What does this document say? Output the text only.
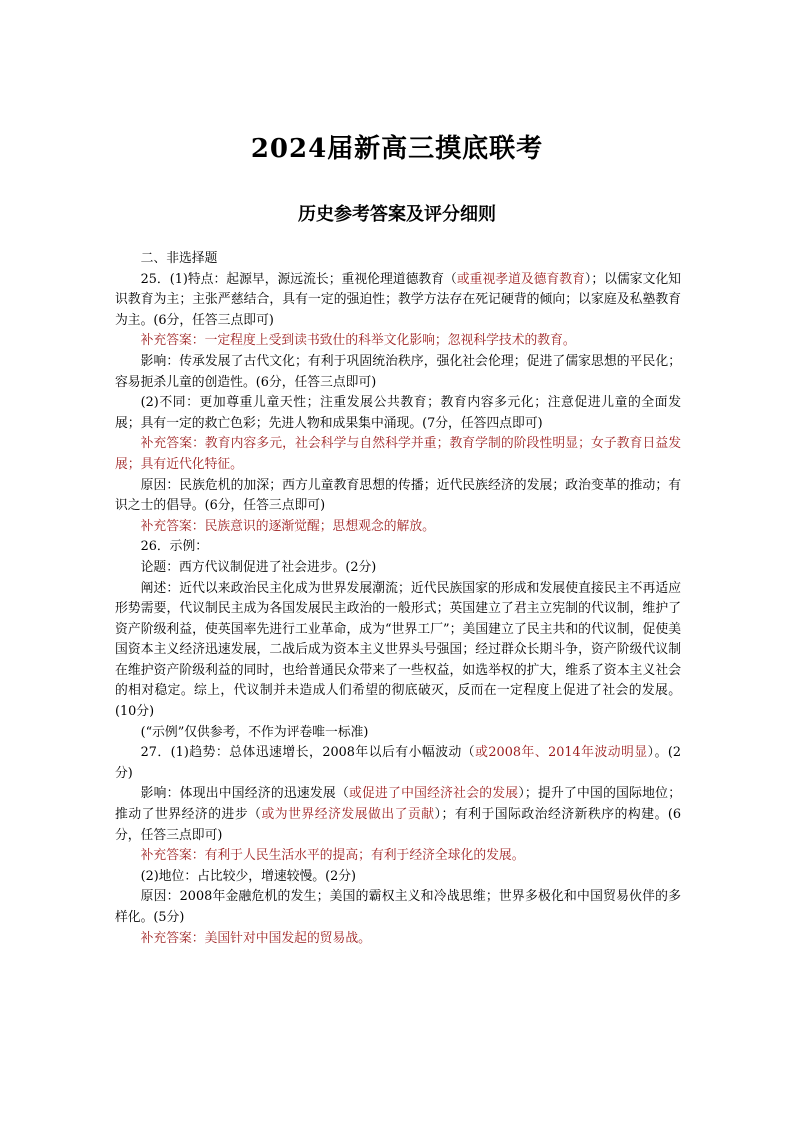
2024届新高三摸底联考
历史参考答案及评分细则

二、非选择题

25．(1)特点：起源早，源远流长；重视伦理道德教育（或重视孝道及德育教育）；以儒家文化知识教育为主；主张严慈结合，具有一定的强迫性；教学方法存在死记硬背的倾向；以家庭及私塾教育为主。(6分，任答三点即可)

补充答案：一定程度上受到读书致仕的科举文化影响；忽视科学技术的教育。

影响：传承发展了古代文化；有利于巩固统治秩序，强化社会伦理；促进了儒家思想的平民化；容易扼杀儿童的创造性。(6分，任答三点即可)

(2)不同：更加尊重儿童天性；注重发展公共教育；教育内容多元化；注意促进儿童的全面发展；具有一定的救亡色彩；先进人物和成果集中涌现。(7分，任答四点即可)

补充答案：教育内容多元，社会科学与自然科学并重；教育学制的阶段性明显；女子教育日益发展；具有近代化特征。

原因：民族危机的加深；西方儿童教育思想的传播；近代民族经济的发展；政治变革的推动；有识之士的倡导。(6分，任答三点即可)

补充答案：民族意识的逐渐觉醒；思想观念的解放。

26．示例：

论题：西方代议制促进了社会进步。(2分)

阐述：近代以来政治民主化成为世界发展潮流；近代民族国家的形成和发展使直接民主不再适应形势需要，代议制民主成为各国发展民主政治的一般形式；英国建立了君主立宪制的代议制，维护了资产阶级利益，使英国率先进行工业革命，成为“世界工厂”；美国建立了民主共和的代议制，促使美国资本主义经济迅速发展，二战后成为资本主义世界头号强国；经过群众长期斗争，资产阶级代议制在维护资产阶级利益的同时，也给普通民众带来了一些权益，如选举权的扩大，维系了资本主义社会的相对稳定。综上，代议制并未造成人们希望的彻底破灭，反而在一定程度上促进了社会的发展。(10分)

(“示例”仅供参考，不作为评卷唯一标准)

27．(1)趋势：总体迅速增长，2008年以后有小幅波动（或2008年、2014年波动明显）。(2分)

影响：体现出中国经济的迅速发展（或促进了中国经济社会的发展）；提升了中国的国际地位；推动了世界经济的进步（或为世界经济发展做出了贡献）；有利于国际政治经济新秩序的构建。(6分，任答三点即可)

补充答案：有利于人民生活水平的提高；有利于经济全球化的发展。

(2)地位：占比较少，增速较慢。(2分)

原因：2008年金融危机的发生；美国的霸权主义和冷战思维；世界多极化和中国贸易伙伴的多样化。(5分)

补充答案：美国针对中国发起的贸易战。
